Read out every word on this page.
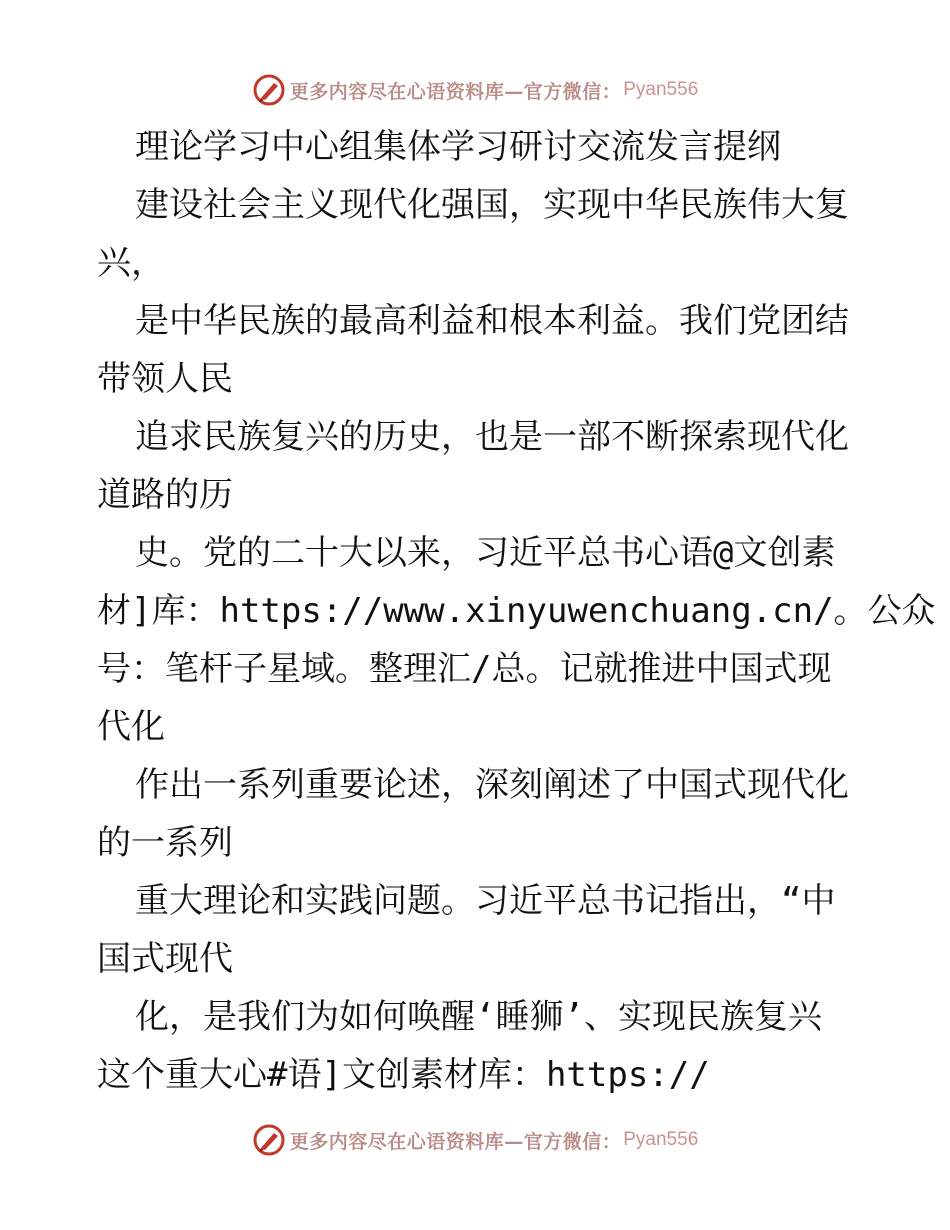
更多内容尽在心语资料库—官方微信： Pyan556
理论学习中心组集体学习研讨交流发言提纲
建设社会主义现代化强国，实现中华民族伟大复
兴，
是中华民族的最高利益和根本利益。我们党团结
带领人民
追求民族复兴的历史，也是一部不断探索现代化
道路的历
史。党的二十大以来，习近平总书心语@文创素
材]库：https://www.xinyuwenchuang.cn/。公众
号：笔杆子星域。整理汇/总。记就推进中国式现
代化
作出一系列重要论述，深刻阐述了中国式现代化
的一系列
重大理论和实践问题。习近平总书记指出，“中
国式现代
化，是我们为如何唤醒‘睡狮’、实现民族复兴
这个重大心#语]文创素材库：https://
更多内容尽在心语资料库—官方微信： Pyan556
